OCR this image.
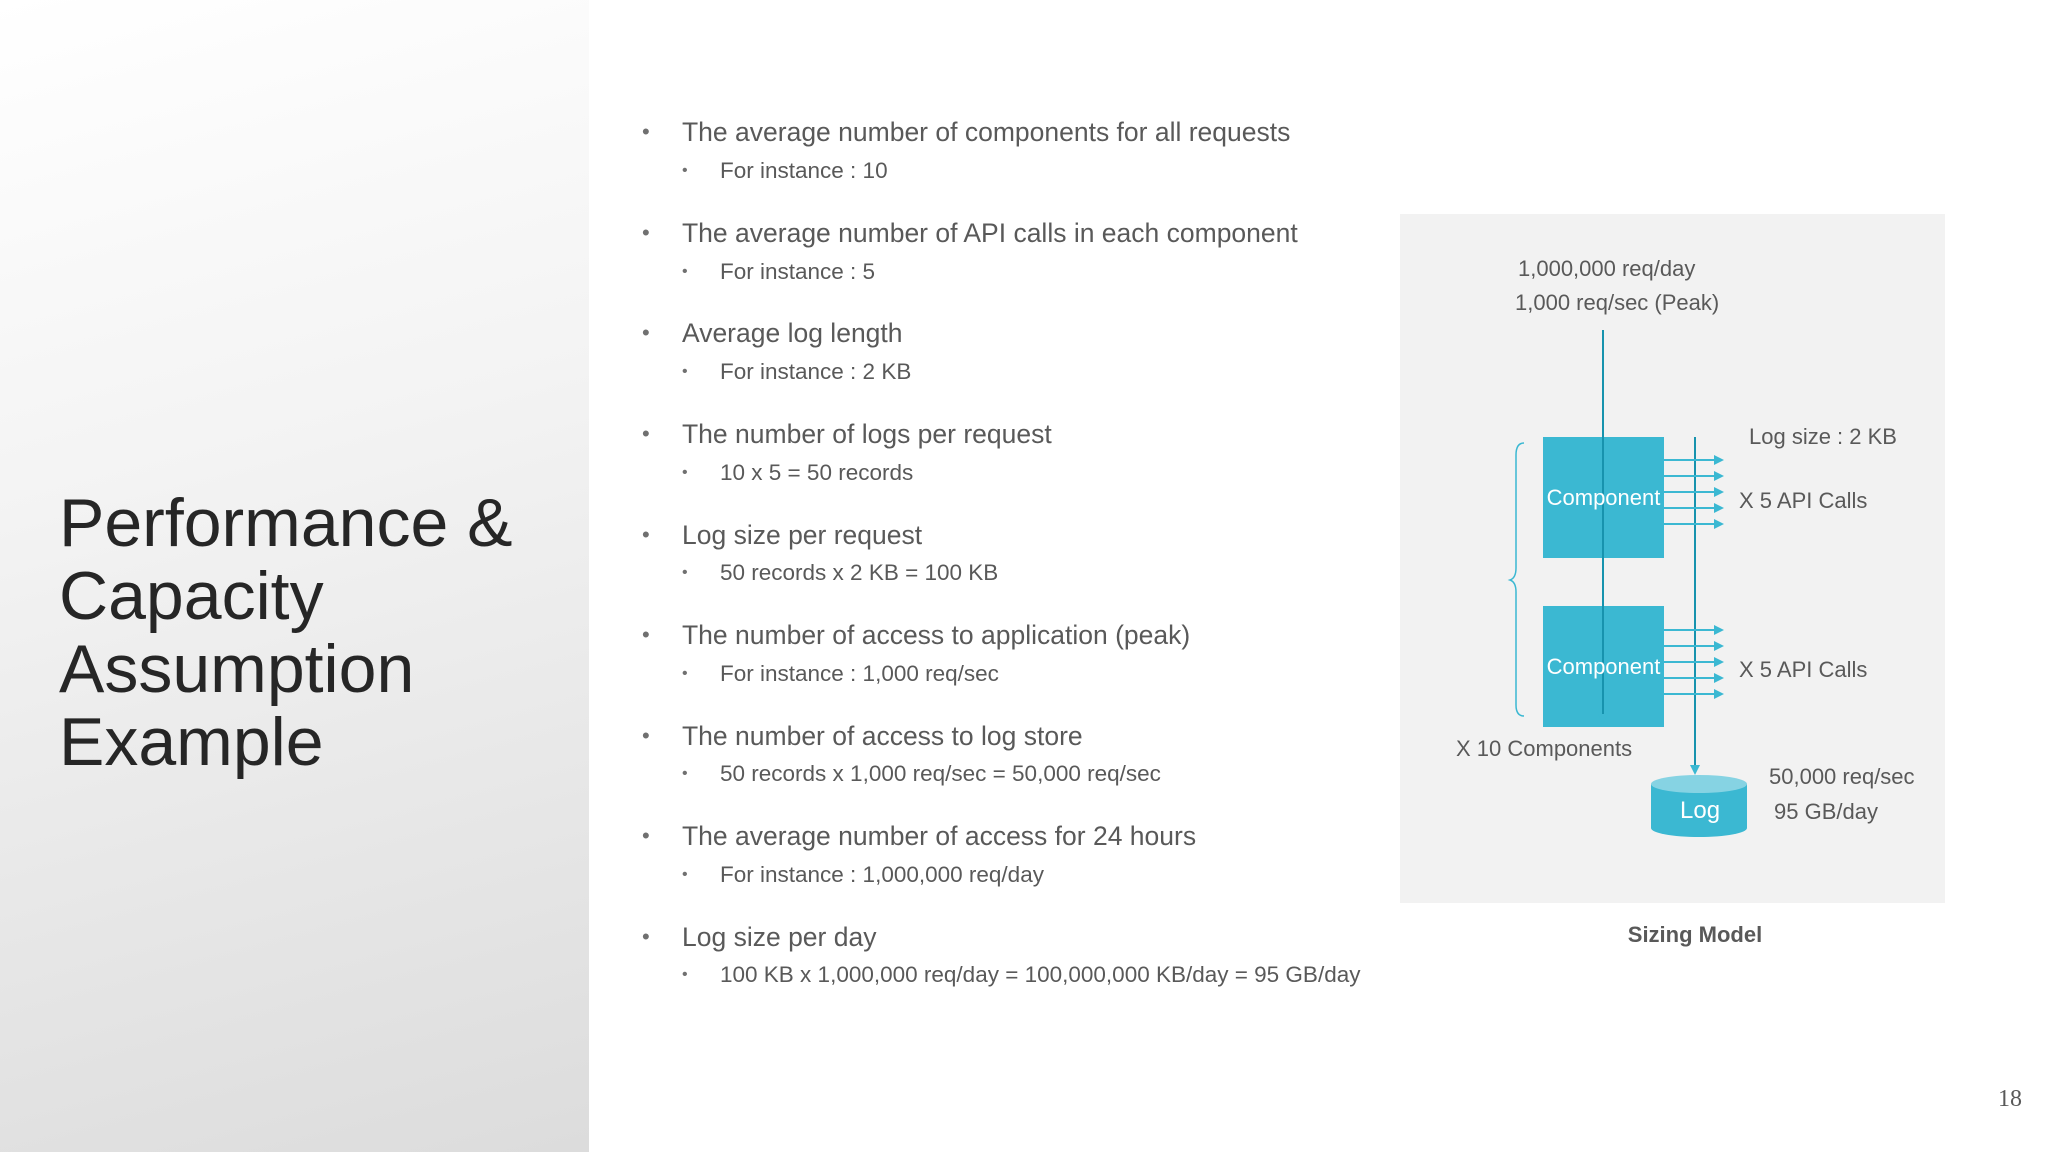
Performance & Capacity Assumption Example
• The average number of components for all requests
• For instance : 10
• The average number of API calls in each component
• For instance : 5
• Average log length
• For instance : 2 KB
• The number of logs per request
• 10 x 5 = 50 records
• Log size per request
• 50 records x 2 KB = 100 KB
• The number of access to application (peak)
• For instance : 1,000 req/sec
• The number of access to log store
• 50 records x 1,000 req/sec = 50,000 req/sec
• The average number of access for 24 hours
• For instance : 1,000,000 req/day
• Log size per day
• 100 KB x 1,000,000 req/day = 100,000,000 KB/day = 95 GB/day
1,000,000 req/day
1,000 req/sec (Peak)
Log size : 2 KB
Component
Component
X 5 API Calls
X 5 API Calls
X 10 Components
Log
50,000 req/sec
95 GB/day
Sizing Model
18
